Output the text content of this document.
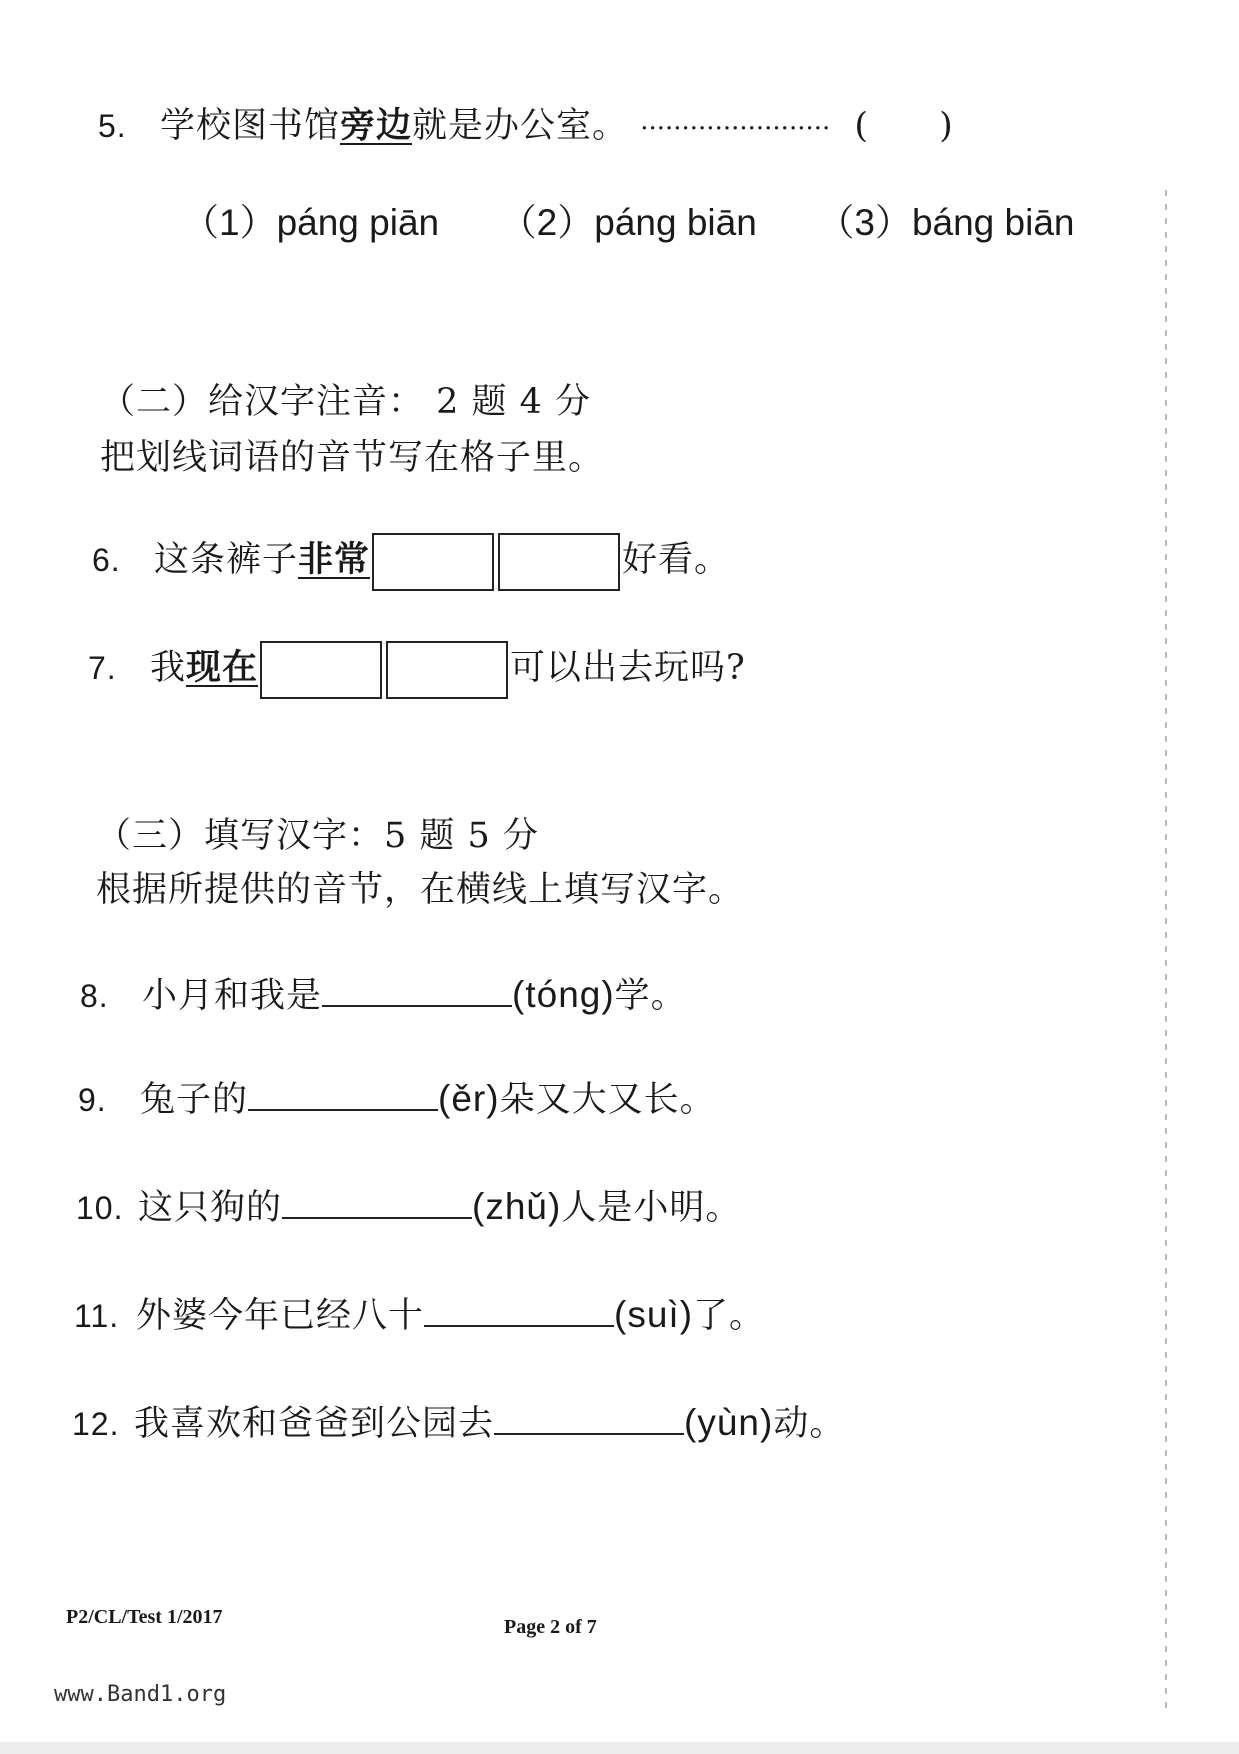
5. 学校图书馆旁边就是办公室。 ······················· ( )
（1）páng piān （2）páng biān （3）báng biān
（二）给汉字注音： 2 题 4 分
把划线词语的音节写在格子里。
6. 这条裤子非常	好看。
7. 我现在	可以出去玩吗?
（三）填写汉字：5 题 5 分
根据所提供的音节，在横线上填写汉字。
8. 小月和我是	(tóng)学。
9. 兔子的	(ěr)朵又大又长。
10. 这只狗的	(zhǔ)人是小明。
11. 外婆今年已经八十	(suì)了。
12. 我喜欢和爸爸到公园去	(yùn)动。
P2/CL/Test 1/2017	Page 2 of 7
www.Band1.org
